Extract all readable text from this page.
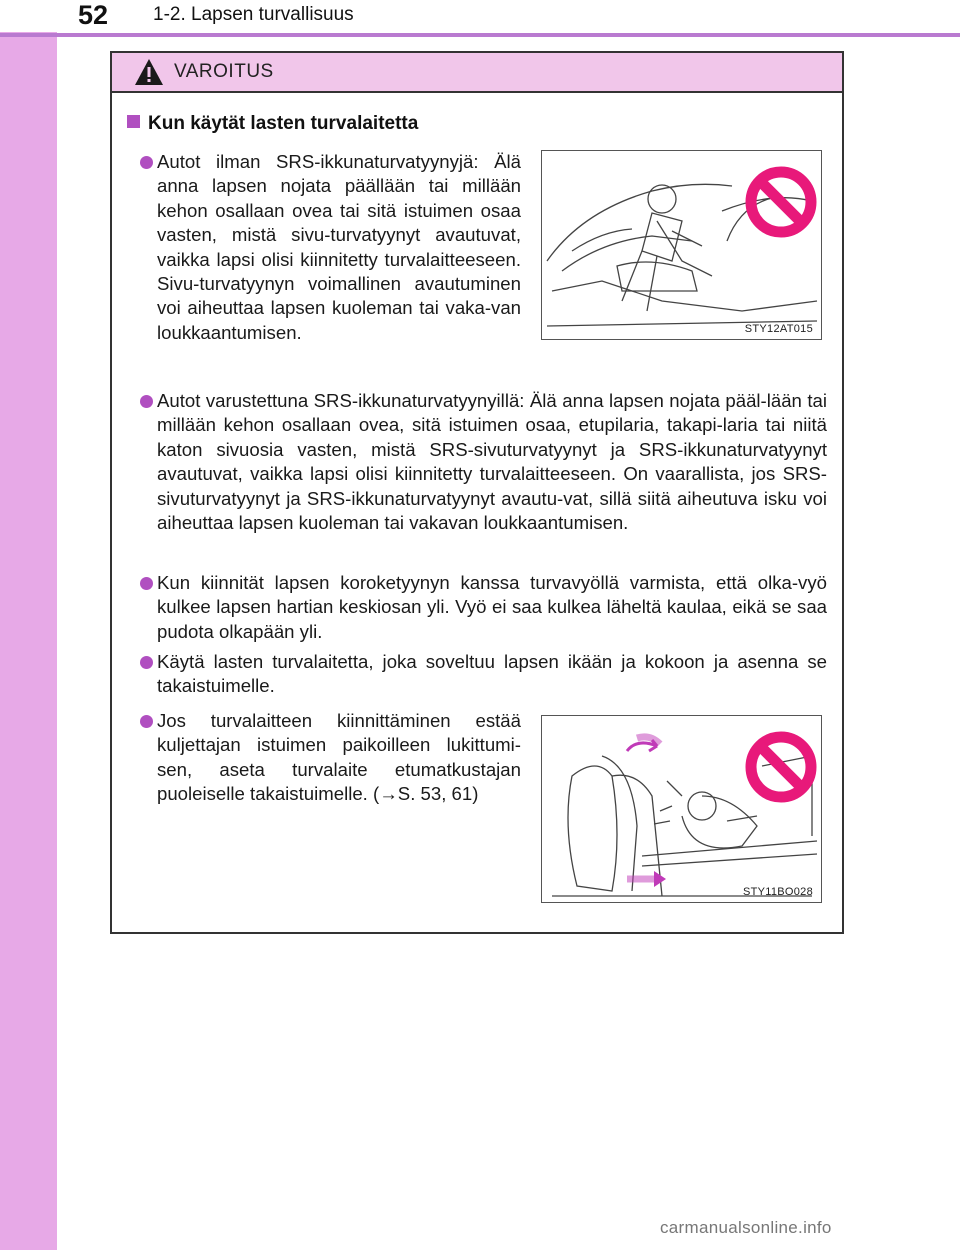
52 1-2. Lapsen turvallisuus
VAROITUS
Kun käytät lasten turvalaitetta
Autot ilman SRS-ikkunaturvatyynyjä: Älä anna lapsen nojata päällään tai millään kehon osallaan ovea tai sitä istuimen osaa vasten, mistä sivu-turvatyynyt avautuvat, vaikka lapsi olisi kiinnitetty turvalaitteeseen. Sivu-turvatyynyn voimallinen avautuminen voi aiheuttaa lapsen kuoleman tai vaka-van loukkaantumisen.	STY12AT015
Autot varustettuna SRS-ikkunaturvatyynyillä: Älä anna lapsen nojata pääl-lään tai millään kehon osallaan ovea, sitä istuimen osaa, etupilaria, takapi-laria tai niitä katon sivuosia vasten, mistä SRS-sivuturvatyynyt ja SRS-ikkunaturvatyynyt avautuvat, vaikka lapsi olisi kiinnitetty turvalaitteeseen. On vaarallista, jos SRS-sivuturvatyynyt ja SRS-ikkunaturvatyynyt avautu-vat, sillä siitä aiheutuva isku voi aiheuttaa lapsen kuoleman tai vakavan loukkaantumisen.
Kun kiinnität lapsen koroketyynyn kanssa turvavyöllä varmista, että olka-vyö kulkee lapsen hartian keskiosan yli. Vyö ei saa kulkea läheltä kaulaa, eikä se saa pudota olkapään yli.
Käytä lasten turvalaitetta, joka soveltuu lapsen ikään ja kokoon ja asenna se takaistuimelle.
Jos turvalaitteen kiinnittäminen estää kuljettajan istuimen paikoilleen lukittumi-sen, aseta turvalaite etumatkustajan puoleiselle takaistuimelle. (→S. 53, 61)
STY11BO028
carmanualsonline.info
